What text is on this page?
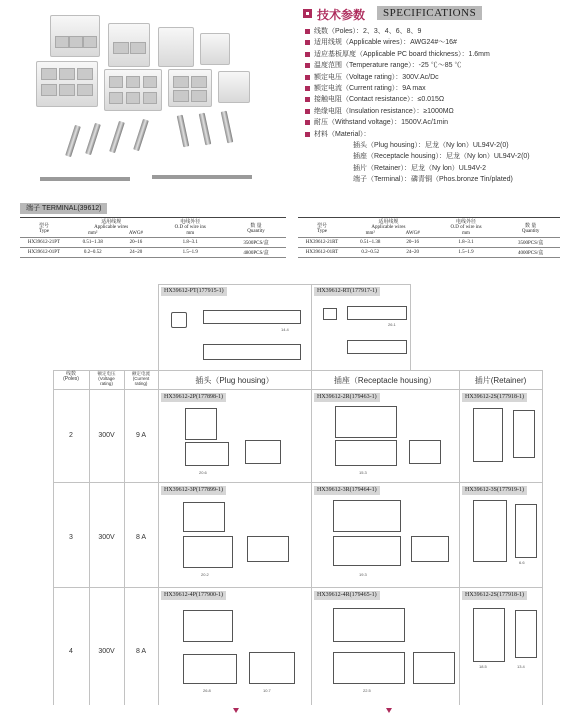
技术参数	SPECIFICATIONS
线数（Poles）：2、3、4、6、8、9
适用线规（Applicable wires）：AWG24#～16#
适应基板厚度（Applicable PC board thickness）：1.6mm
温度范围（Temperature range）：-25 ℃～85 ℃
额定电压（Voltage rating）：300V.Ac/Dc
额定电流（Current rating）：9A max
接触电阻（Contact resistance）：≤0.015Ω
绝缘电阻（Insulation resistance）：≥1000MΩ
耐压（Withstand voltage）：1500V.Ac/1min
材料（Material）：
插头（Plug housing）：尼龙（Ny lon）UL94V-2(0)
插座（Receptacle housing）：尼龙（Ny lon）UL94V-2(0)
插片（Retainer）：尼龙（Ny lon）UL94V-2
端子（Terminal）：磷青铜（Phos.bronze Tin/plated)
端子 TERMINAL(39612)
型号
Type	适用线规
Applicable wires		电线外径
O.D of wire ins	数 量
Quantity
	mm²	AWG#	mm	
HX39612-21PT	0.51~1.38	20~16	1.8~3.1	3500PCS/盒
HX39612-01PT	0.2~0.52	24~20	1.5~1.9	4800PCS/盒
型号
Type	适用线规
Applicable wires		电线外径
O.D of wire ins	数 量
Quantity
	mm²	AWG#	mm	
HX39612-21RT	0.51~1.38	20~16	1.8~3.1	3500PCS/盒
HX39612-01RT	0.2~0.52	24~20	1.5~1.9	4000PCS/盒
HX39612-PT(177915-1)	HX39612-RT(177917-1)
14.4
26.1
线数
(Poles)
额定电压
(Voltage
rating)
额定电流
(Current
rating)	插头（Plug housing）	插座（Receptacle housing）	插片(Retainer)
2	300V	9 A
HX39612-2P(177898-1)	HX39612-2R(179463-1)	HX39612-2S(177918-1)
20.6	15.3
3	300V	8 A
HX39612-3P(177899-1)	HX39612-3R(179464-1)	HX39612-3S(177919-1)
20.2	19.3
6.6
4	300V	8 A
HX39612-4P(177900-1)	HX39612-4R(179465-1)	HX39612-2S(177918-1)
26.8	10.7	22.5
18.5	13.4
